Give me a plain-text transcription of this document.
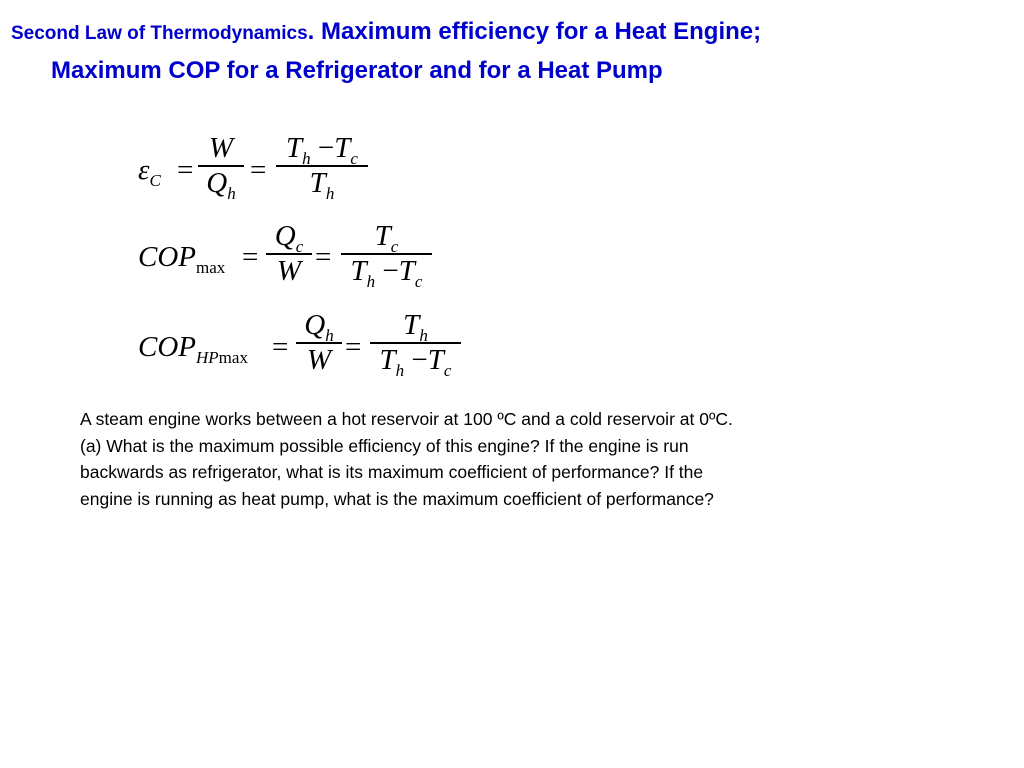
Second Law of Thermodynamics. Maximum efficiency for a Heat Engine;
Maximum COP for a Refrigerator and for a Heat Pump
$\varepsilon_C$ =
W
$Q_h$
=
$T_h -T_c$
$T_h$
$COP_{max}$ =
$Q_c$
W =
$T_c$
$T_h -T_c$
$COP_{HPmax}$ =
$Q_h$
W =
$T_h$
$T_h -T_c$

A steam engine works between a hot reservoir at 100 ºC and a cold reservoir at 0ºC.

(a) What is the maximum possible efficiency of this engine? If the engine is run

backwards as refrigerator, what is its maximum coefficient of performance? If the

engine is running as heat pump, what is the maximum coefficient of performance?
